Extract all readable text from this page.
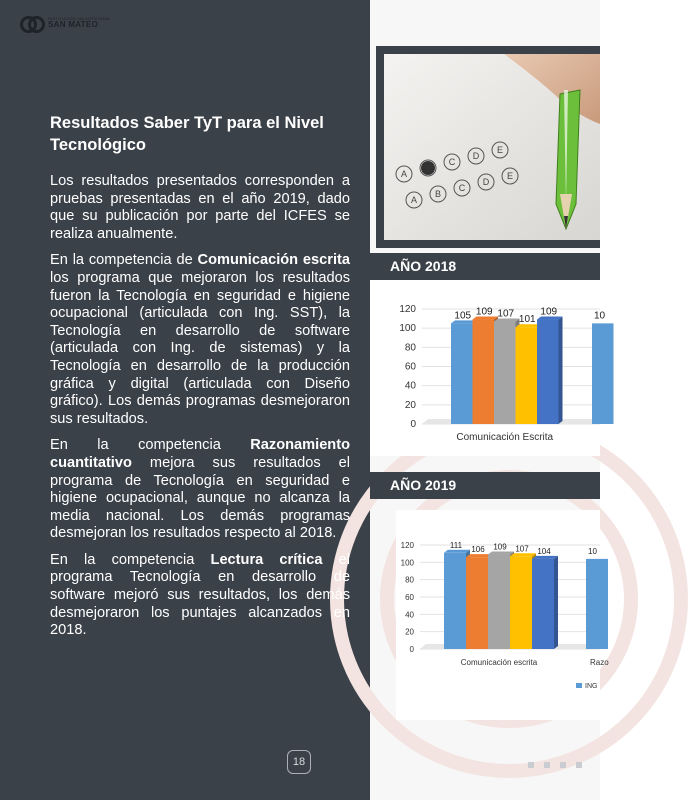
INSTITUCIÓN UNIVERSITARIA
SAN MATEO
Resultados Saber TyT para el Nivel Tecnológico

Los resultados presentados corresponden a pruebas presentadas en el año 2019, dado que su publicación por parte del ICFES se realiza anualmente.

En la competencia de Comunicación escrita los programa que mejoraron los resultados fueron la Tecnología en seguridad e higiene ocupacional (articulada con Ing. SST), la Tecnología en desarrollo de software (articulada con Ing. de sistemas) y la Tecnología en desarrollo de la producción gráfica y digital (articulada con Diseño gráfico). Los demás programas desmejoraron sus resultados.

En la competencia Razonamiento cuantitativo mejora sus resultados el programa de Tecnología en seguridad e higiene ocupacional, aunque no alcanza la media nacional. Los demás programas desmejoran los resultados respecto al 2018.

En la competencia Lectura crítica el programa Tecnología en desarrollo de software mejoró sus resultados, los demás desmejoraron los puntajes alcanzados en 2018.

18
A
C
D
E
A
B
C
D
E
AÑO 2018
0
20
40
60
80
100
120
105 109 107
101
109	10
Comunicación Escrita
AÑO 2019
0
20
40
60
80
100
120	111 106 109 107 104	10
Comunicación escrita	Razo
ING
